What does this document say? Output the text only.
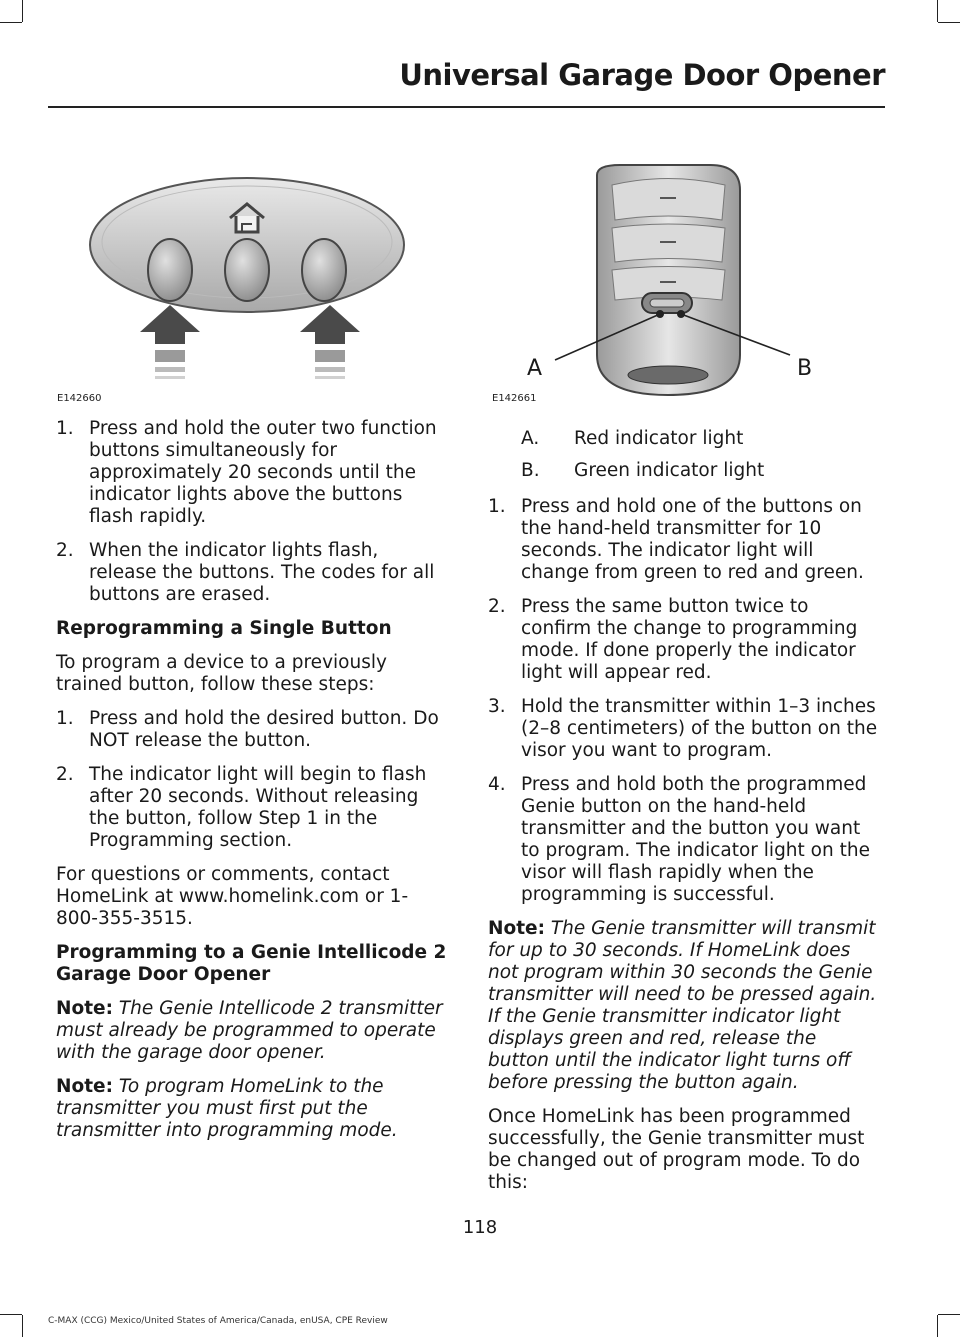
Universal Garage Door Opener
E142660
A	B
E142661
1. Press and hold the outer two function buttons simultaneously for approximately 20 seconds until the indicator lights above the buttons flash rapidly.
2. When the indicator lights flash, release the buttons. The codes for all buttons are erased.
Reprogramming a Single Button

To program a device to a previously trained button, follow these steps:

1. Press and hold the desired button. Do NOT release the button.
2. The indicator light will begin to flash after 20 seconds. Without releasing the button, follow Step 1 in the Programming section.

For questions or comments, contact HomeLink at www.homelink.com or 1-800-355-3515.

Programming to a Genie Intellicode 2 Garage Door Opener

Note: The Genie Intellicode 2 transmitter must already be programmed to operate with the garage door opener.

Note: To program HomeLink to the transmitter you must first put the transmitter into programming mode.

A. Red indicator light
B. Green indicator light
1. Press and hold one of the buttons on the hand-held transmitter for 10 seconds. The indicator light will change from green to red and green.
2. Press the same button twice to confirm the change to programming mode. If done properly the indicator light will appear red.
3. Hold the transmitter within 1–3 inches (2–8 centimeters) of the button on the visor you want to program.
4. Press and hold both the programmed Genie button on the hand-held transmitter and the button you want to program. The indicator light on the visor will flash rapidly when the programming is successful.

Note: The Genie transmitter will transmit for up to 30 seconds. If HomeLink does not program within 30 seconds the Genie transmitter will need to be pressed again. If the Genie transmitter indicator light displays green and red, release the button until the indicator light turns off before pressing the button again.

Once HomeLink has been programmed successfully, the Genie transmitter must be changed out of program mode. To do this:

118
C-MAX (CCG) Mexico/United States of America/Canada, enUSA, CPE Review
